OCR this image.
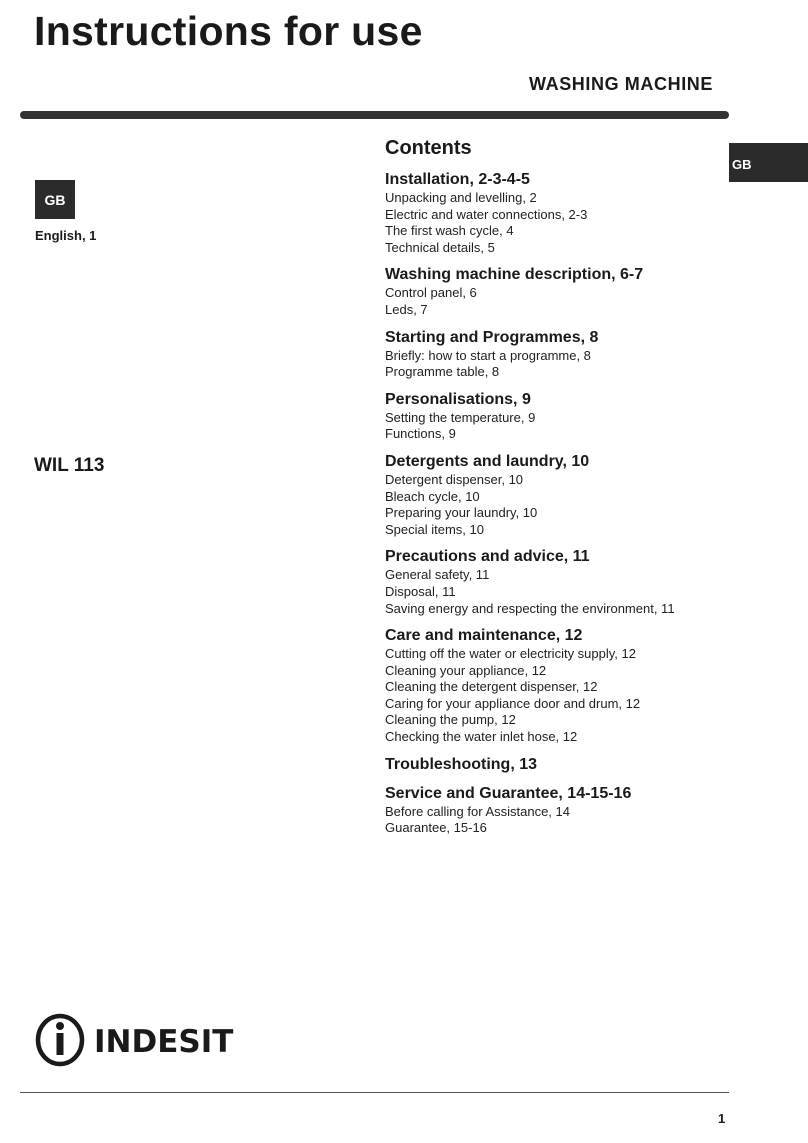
Instructions for use
WASHING MACHINE
GB
GB
English, 1
WIL 113
Contents
Installation, 2-3-4-5
Unpacking and levelling, 2
Electric and water connections, 2-3
The first wash cycle, 4
Technical details, 5
Washing machine description, 6-7
Control panel, 6
Leds, 7
Starting and Programmes, 8
Briefly: how to start a programme, 8
Programme table, 8
Personalisations, 9
Setting the temperature, 9
Functions, 9
Detergents and laundry, 10
Detergent dispenser, 10
Bleach cycle, 10
Preparing your laundry, 10
Special items, 10
Precautions and advice, 11
General safety, 11
Disposal, 11
Saving energy and respecting the environment, 11
Care and maintenance, 12
Cutting off the water or electricity supply, 12
Cleaning your appliance, 12
Cleaning the detergent dispenser, 12
Caring for your appliance door and drum, 12
Cleaning the pump, 12
Checking the water inlet hose, 12
Troubleshooting, 13
Service and Guarantee, 14-15-16
Before calling for Assistance, 14
Guarantee, 15-16
INDESIT
1
